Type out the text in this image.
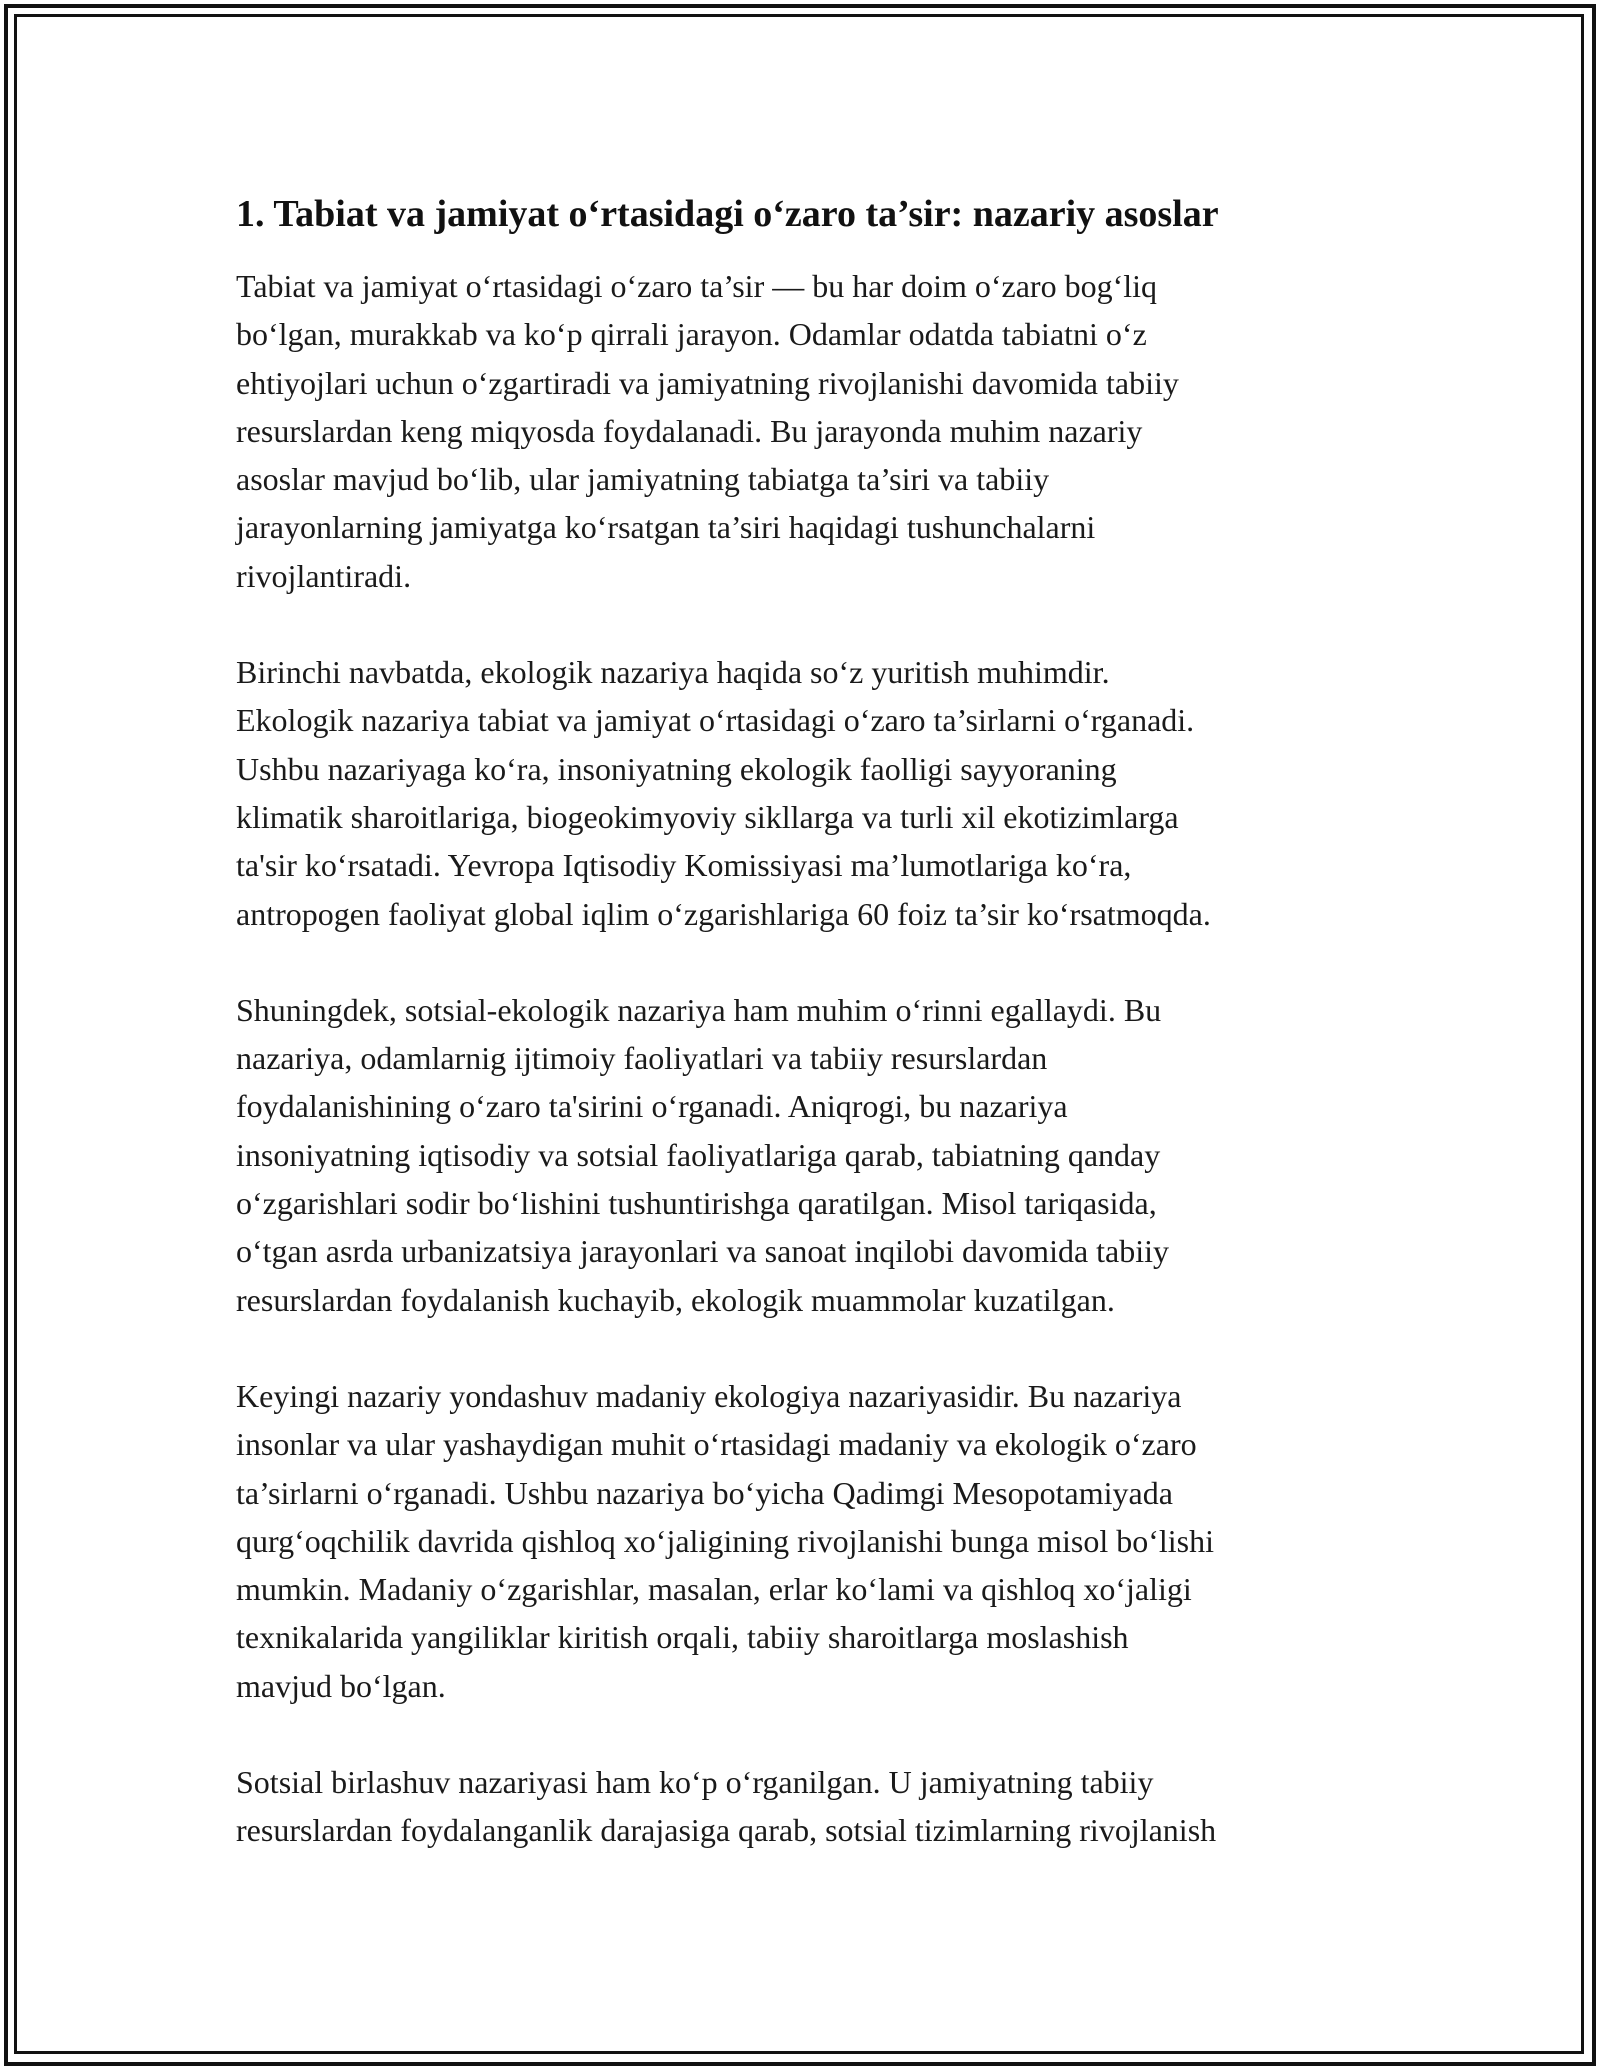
1. Tabiat va jamiyat o‘rtasidagi o‘zaro ta’sir: nazariy asoslar

Tabiat va jamiyat o‘rtasidagi o‘zaro ta’sir — bu har doim o‘zaro bog‘liq
bo‘lgan, murakkab va ko‘p qirrali jarayon. Odamlar odatda tabiatni o‘z
ehtiyojlari uchun o‘zgartiradi va jamiyatning rivojlanishi davomida tabiiy
resurslardan keng miqyosda foydalanadi. Bu jarayonda muhim nazariy
asoslar mavjud bo‘lib, ular jamiyatning tabiatga ta’siri va tabiiy
jarayonlarning jamiyatga ko‘rsatgan ta’siri haqidagi tushunchalarni
rivojlantiradi.

Birinchi navbatda, ekologik nazariya haqida so‘z yuritish muhimdir.
Ekologik nazariya tabiat va jamiyat o‘rtasidagi o‘zaro ta’sirlarni o‘rganadi.
Ushbu nazariyaga ko‘ra, insoniyatning ekologik faolligi sayyoraning
klimatik sharoitlariga, biogeokimyoviy sikllarga va turli xil ekotizimlarga
ta'sir ko‘rsatadi. Yevropa Iqtisodiy Komissiyasi ma’lumotlariga ko‘ra,
antropogen faoliyat global iqlim o‘zgarishlariga 60 foiz ta’sir ko‘rsatmoqda.

Shuningdek, sotsial-ekologik nazariya ham muhim o‘rinni egallaydi. Bu
nazariya, odamlarnig ijtimoiy faoliyatlari va tabiiy resurslardan
foydalanishining o‘zaro ta'sirini o‘rganadi. Aniqrogi, bu nazariya
insoniyatning iqtisodiy va sotsial faoliyatlariga qarab, tabiatning qanday
o‘zgarishlari sodir bo‘lishini tushuntirishga qaratilgan. Misol tariqasida,
o‘tgan asrda urbanizatsiya jarayonlari va sanoat inqilobi davomida tabiiy
resurslardan foydalanish kuchayib, ekologik muammolar kuzatilgan.

Keyingi nazariy yondashuv madaniy ekologiya nazariyasidir. Bu nazariya
insonlar va ular yashaydigan muhit o‘rtasidagi madaniy va ekologik o‘zaro
ta’sirlarni o‘rganadi. Ushbu nazariya bo‘yicha Qadimgi Mesopotamiyada
qurg‘oqchilik davrida qishloq xo‘jaligining rivojlanishi bunga misol bo‘lishi
mumkin. Madaniy o‘zgarishlar, masalan, erlar ko‘lami va qishloq xo‘jaligi
texnikalarida yangiliklar kiritish orqali, tabiiy sharoitlarga moslashish
mavjud bo‘lgan.

Sotsial birlashuv nazariyasi ham ko‘p o‘rganilgan. U jamiyatning tabiiy
resurslardan foydalanganlik darajasiga qarab, sotsial tizimlarning rivojlanish
